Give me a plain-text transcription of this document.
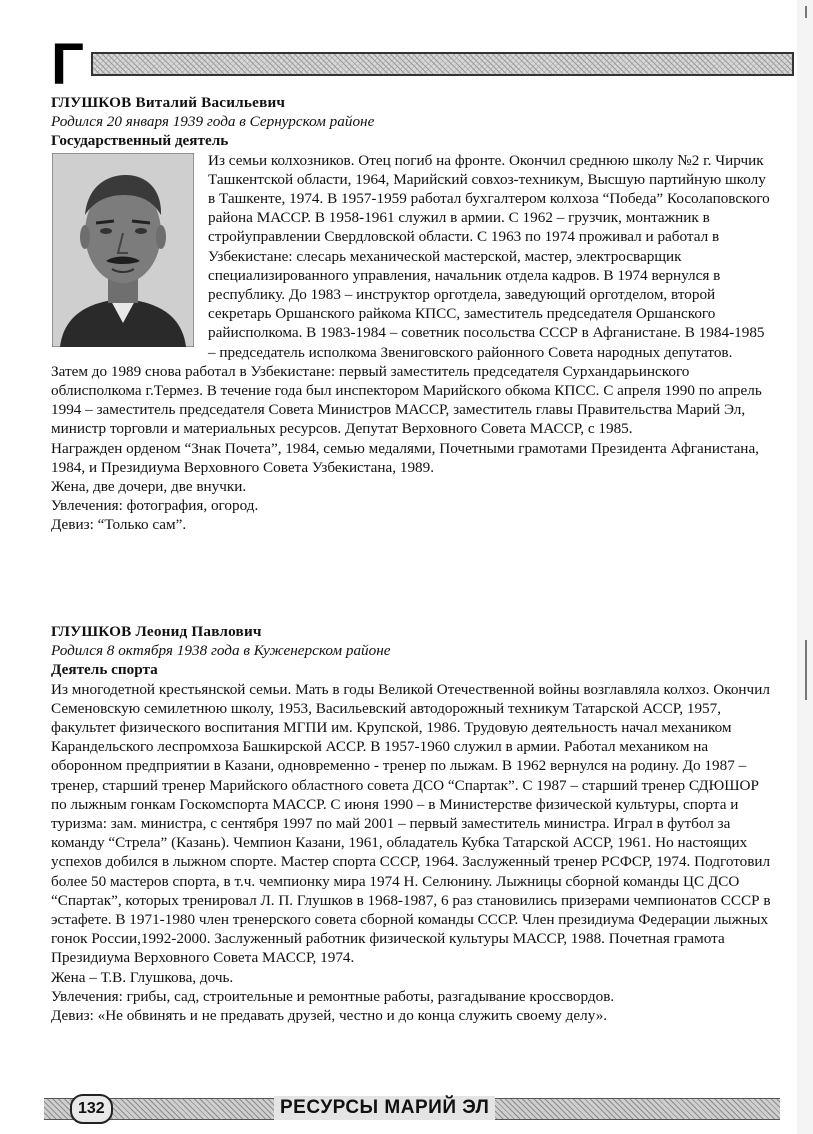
Г
ГЛУШКОВ Виталий Васильевич
Родился 20 января 1939 года в Сернурском районе
Государственный деятель
Из семьи колхозников. Отец погиб на фронте. Окончил среднюю школу №2 г. Чирчик Ташкентской области, 1964, Марийский совхоз-техникум, Высшую партийную школу в Ташкенте, 1974. В 1957-1959 работал бухгалтером колхоза “Победа” Косолаповского района МАССР. В 1958-1961 служил в армии. С 1962 – грузчик, монтажник в стройуправлении Свердловской области. С 1963 по 1974 проживал и работал в Узбекистане: слесарь механической мастерской, мастер, электросварщик специализированного управления, начальник отдела кадров. В 1974 вернулся в республику. До 1983 – инструктор орготдела, заведующий орготделом, второй секретарь Оршанского райкома КПСС, заместитель председателя Оршанского райисполкома. В 1983-1984 – советник посольства СССР в Афганистане. В 1984-1985 – председатель исполкома Звениговского районного Совета народных депутатов. Затем до 1989 снова работал в Узбекистане: первый заместитель председателя Сурхандарьинского облисполкома г.Термез. В течение года был инспектором Марийского обкома КПСС. С апреля 1990 по апрель 1994 – заместитель председателя Совета Министров МАССР, заместитель главы Правительства Марий Эл, министр торговли и материальных ресурсов. Депутат Верховного Совета МАССР, с 1985.
Награжден орденом “Знак Почета”, 1984, семью медалями, Почетными грамотами Президента Афганистана, 1984, и Президиума Верховного Совета Узбекистана, 1989.
Жена, две дочери, две внучки.
Увлечения: фотография, огород.
Девиз: “Только сам”.
ГЛУШКОВ Леонид Павлович
Родился 8 октября 1938 года в Куженерском районе
Деятель спорта
Из многодетной крестьянской семьи. Мать в годы Великой Отечественной войны возглавляла колхоз. Окончил Семеновскую семилетнюю школу, 1953, Васильевский автодорожный техникум Татарской АССР, 1957, факультет физического воспитания МГПИ им. Крупской, 1986. Трудовую деятельность начал механиком Карандельского леспромхоза Башкирской АССР. В 1957-1960 служил в армии. Работал механиком на оборонном предприятии в Казани, одновременно - тренер по лыжам. В 1962 вернулся на родину. До 1987 – тренер, старший тренер Марийского областного совета ДСО “Спартак”. С 1987 – старший тренер СДЮШОР по лыжным гонкам Госкомспорта МАССР. С июня 1990 – в Министерстве физической культуры, спорта и туризма: зам. министра, с сентября 1997 по май 2001 – первый заместитель министра. Играл в футбол за команду “Стрела” (Казань). Чемпион Казани, 1961, обладатель Кубка Татарской АССР, 1961. Но настоящих успехов добился в лыжном спорте. Мастер спорта СССР, 1964. Заслуженный тренер РСФСР, 1974. Подготовил более 50 мастеров спорта, в т.ч. чемпионку мира 1974 Н. Селюнину. Лыжницы сборной команды ЦС ДСО “Спартак”, которых тренировал Л. П. Глушков в 1968-1987, 6 раз становились призерами чемпионатов СССР в эстафете. В 1971-1980 член тренерского совета сборной команды СССР. Член президиума Федерации лыжных гонок России,1992-2000. Заслуженный работник физической культуры МАССР, 1988. Почетная грамота Президиума Верховного Совета МАССР, 1974.
Жена – Т.В. Глушкова, дочь.
Увлечения: грибы, сад, строительные и ремонтные работы, разгадывание кроссвордов.
Девиз: «Не обвинять и не предавать друзей, честно и до конца служить своему делу».
132	РЕСУРСЫ МАРИЙ ЭЛ
